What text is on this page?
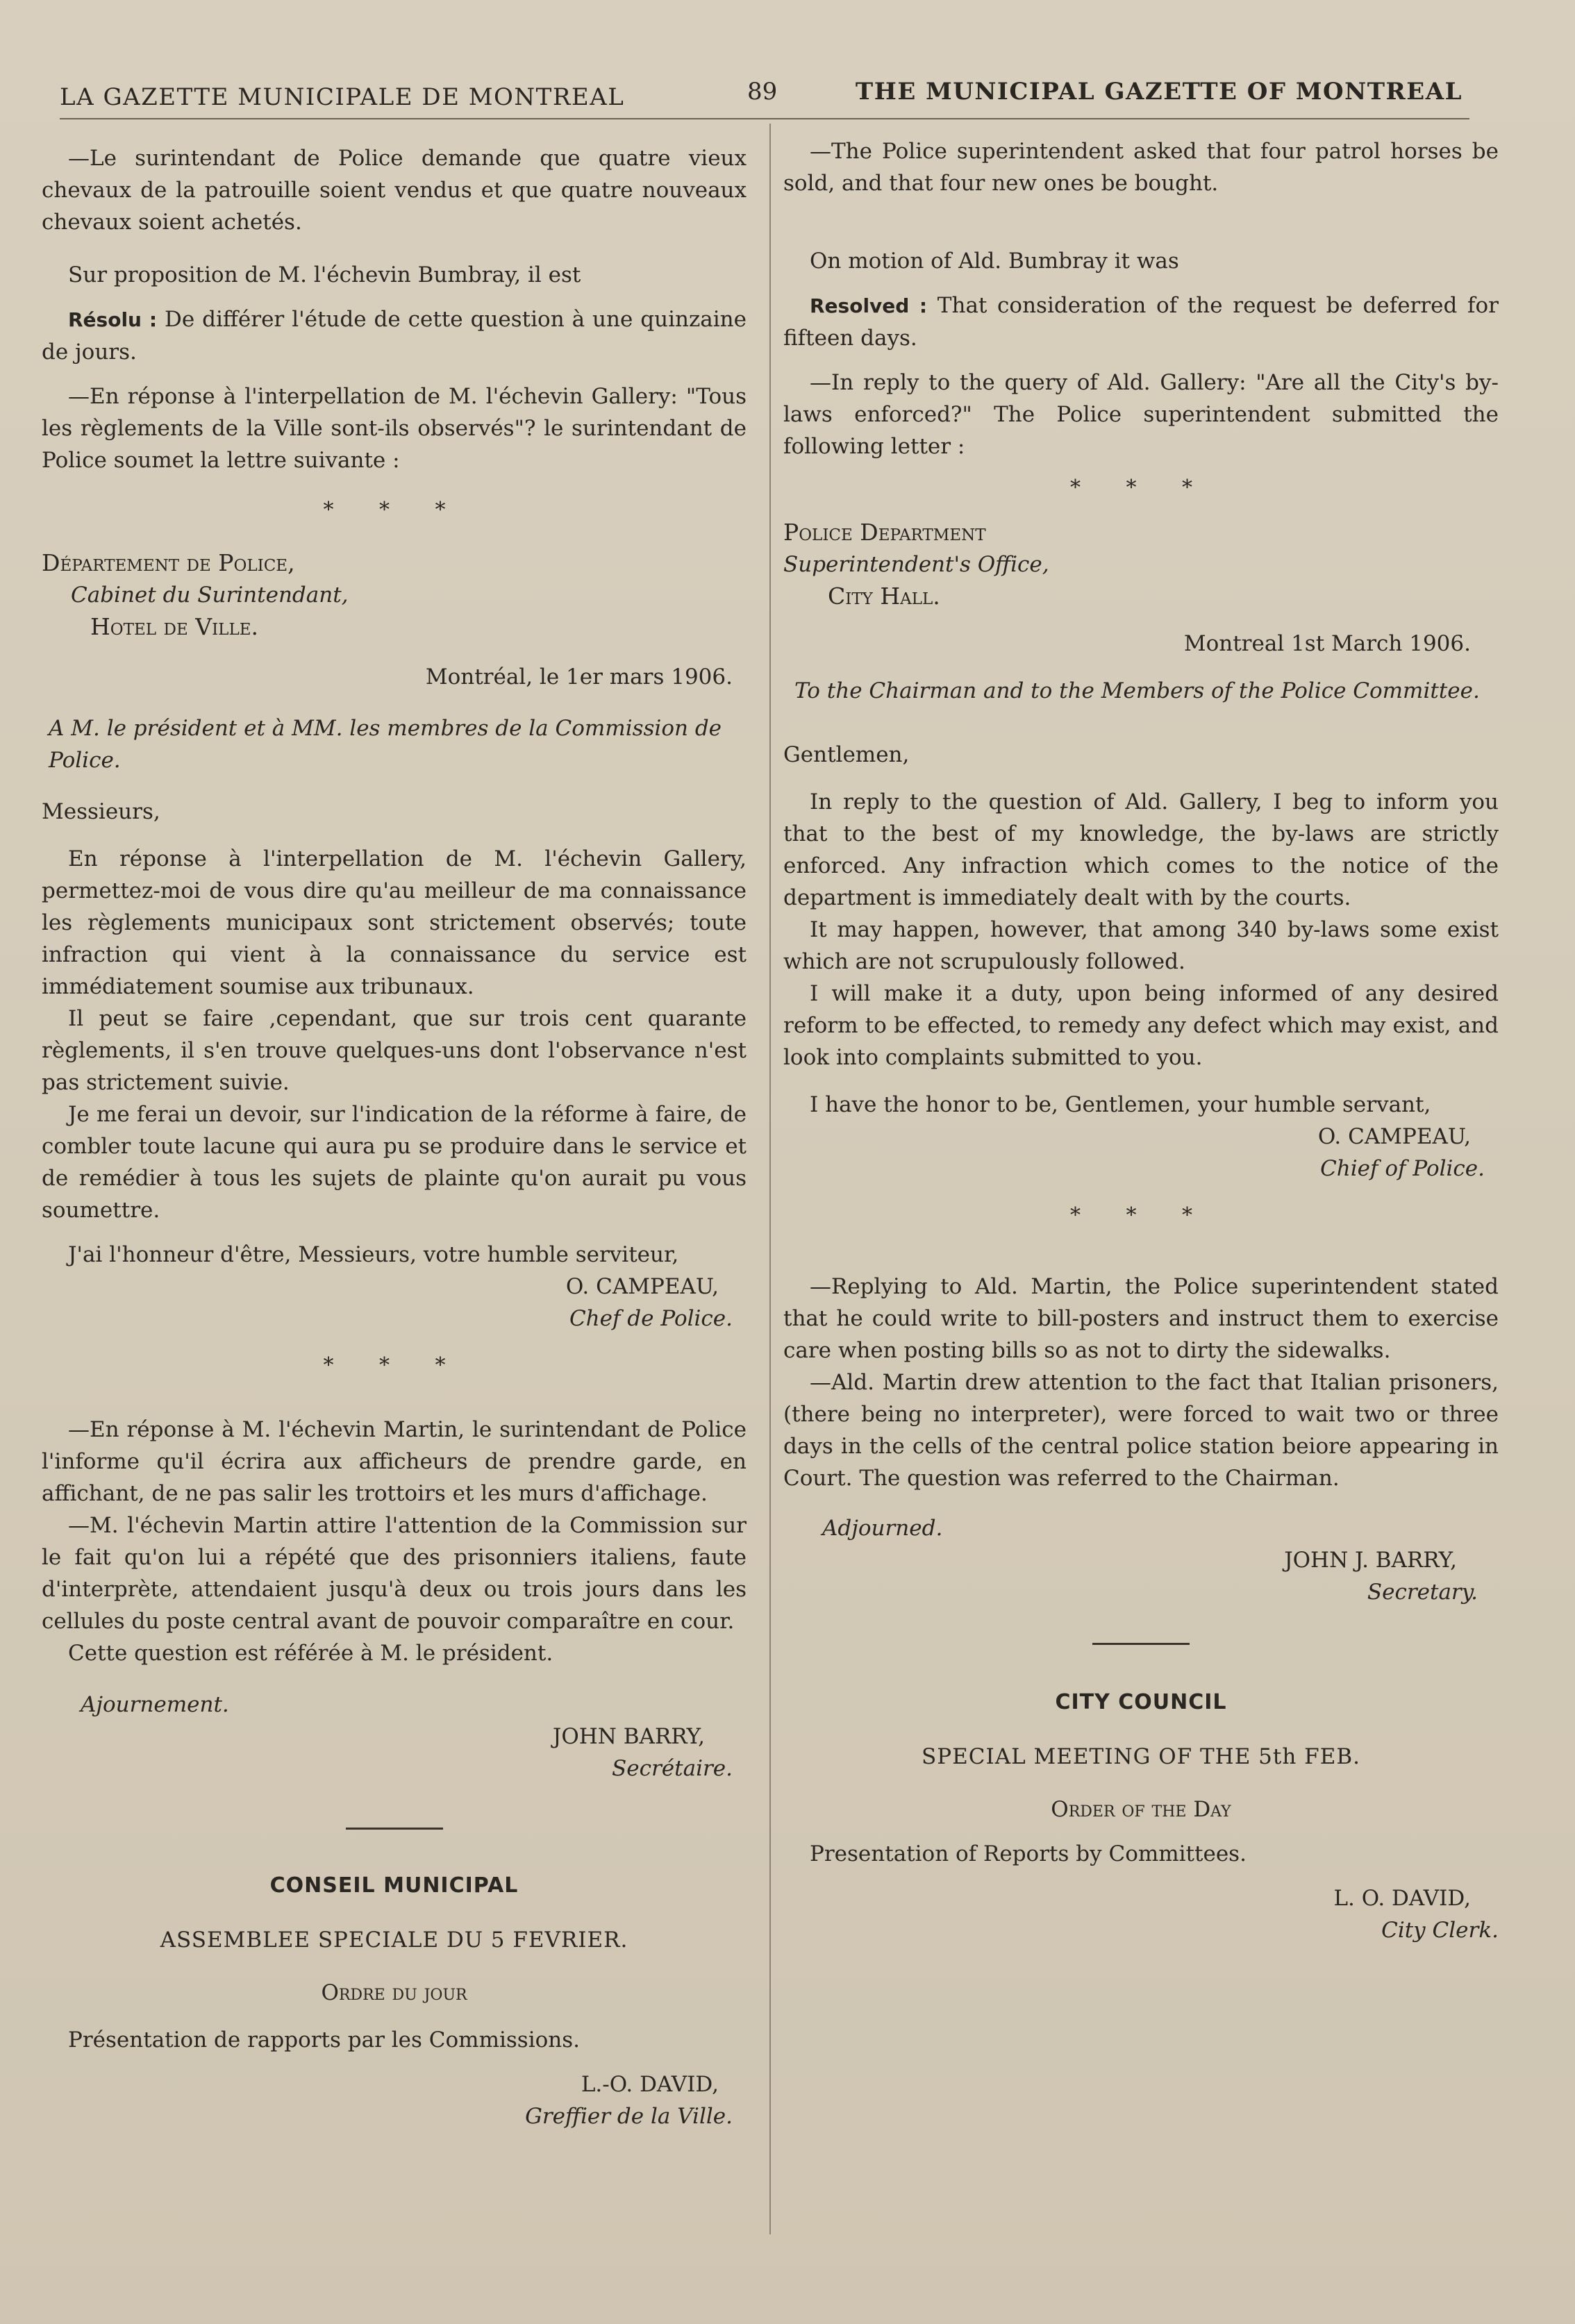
LA GAZETTE MUNICIPALE DE MONTREAL	89	THE MUNICIPAL GAZETTE OF MONTREAL

—Le surintendant de Police demande que quatre vieux chevaux de la patrouille soient vendus et que quatre nouveaux chevaux soient achetés.

Sur proposition de M. l'échevin Bumbray, il est

Résolu : De différer l'étude de cette question à une quinzaine de jours.

—En réponse à l'interpellation de M. l'échevin Gallery: "Tous les règlements de la Ville sont-ils observés"? le surintendant de Police soumet la lettre suivante :

* * *

Département de Police,

Cabinet du Surintendant,

Hotel de Ville.

Montréal, le 1er mars 1906.

A M. le président et à MM. les membres de la Commission de Police.

Messieurs,

En réponse à l'interpellation de M. l'échevin Gallery, permettez-moi de vous dire qu'au meilleur de ma connaissance les règlements municipaux sont strictement observés; toute infraction qui vient à la connaissance du service est immédiatement soumise aux tribunaux.

Il peut se faire ,cependant, que sur trois cent quarante règlements, il s'en trouve quelques-uns dont l'observance n'est pas strictement suivie.

Je me ferai un devoir, sur l'indication de la réforme à faire, de combler toute lacune qui aura pu se produire dans le service et de remédier à tous les sujets de plainte qu'on aurait pu vous soumettre.

J'ai l'honneur d'être, Messieurs, votre humble serviteur,

O. CAMPEAU,

Chef de Police.

* * *

—En réponse à M. l'échevin Martin, le surintendant de Police l'informe qu'il écrira aux afficheurs de prendre garde, en affichant, de ne pas salir les trottoirs et les murs d'affichage.

—M. l'échevin Martin attire l'attention de la Commission sur le fait qu'on lui a répété que des prisonniers italiens, faute d'interprète, attendaient jusqu'à deux ou trois jours dans les cellules du poste central avant de pouvoir comparaître en cour.

Cette question est référée à M. le président.

Ajournement.

JOHN BARRY,

Secrétaire.

CONSEIL MUNICIPAL

ASSEMBLEE SPECIALE DU 5 FEVRIER.

Ordre du jour

Présentation de rapports par les Commissions.

L.-O. DAVID,

Greffier de la Ville.

—The Police superintendent asked that four patrol horses be sold, and that four new ones be bought.

On motion of Ald. Bumbray it was

Resolved : That consideration of the request be deferred for fifteen days.

—In reply to the query of Ald. Gallery: "Are all the City's by-laws enforced?" The Police superintendent submitted the following letter :

* * *

Police Department

Superintendent's Office,

City Hall.

Montreal 1st March 1906.

To the Chairman and to the Members of the Police Committee.

Gentlemen,

In reply to the question of Ald. Gallery, I beg to inform you that to the best of my knowledge, the by-laws are strictly enforced. Any infraction which comes to the notice of the department is immediately dealt with by the courts.

It may happen, however, that among 340 by-laws some exist which are not scrupulously followed.

I will make it a duty, upon being informed of any desired reform to be effected, to remedy any defect which may exist, and look into complaints submitted to you.

I have the honor to be, Gentlemen, your humble servant,

O. CAMPEAU,

Chief of Police.

* * *

—Replying to Ald. Martin, the Police superintendent stated that he could write to bill-posters and instruct them to exercise care when posting bills so as not to dirty the sidewalks.

—Ald. Martin drew attention to the fact that Italian prisoners, (there being no interpreter), were forced to wait two or three days in the cells of the central police station beiore appearing in Court. The question was referred to the Chairman.

Adjourned.

JOHN J. BARRY,

Secretary.

CITY COUNCIL

SPECIAL MEETING OF THE 5th FEB.

Order of the Day

Presentation of Reports by Committees.

L. O. DAVID,

City Clerk.
